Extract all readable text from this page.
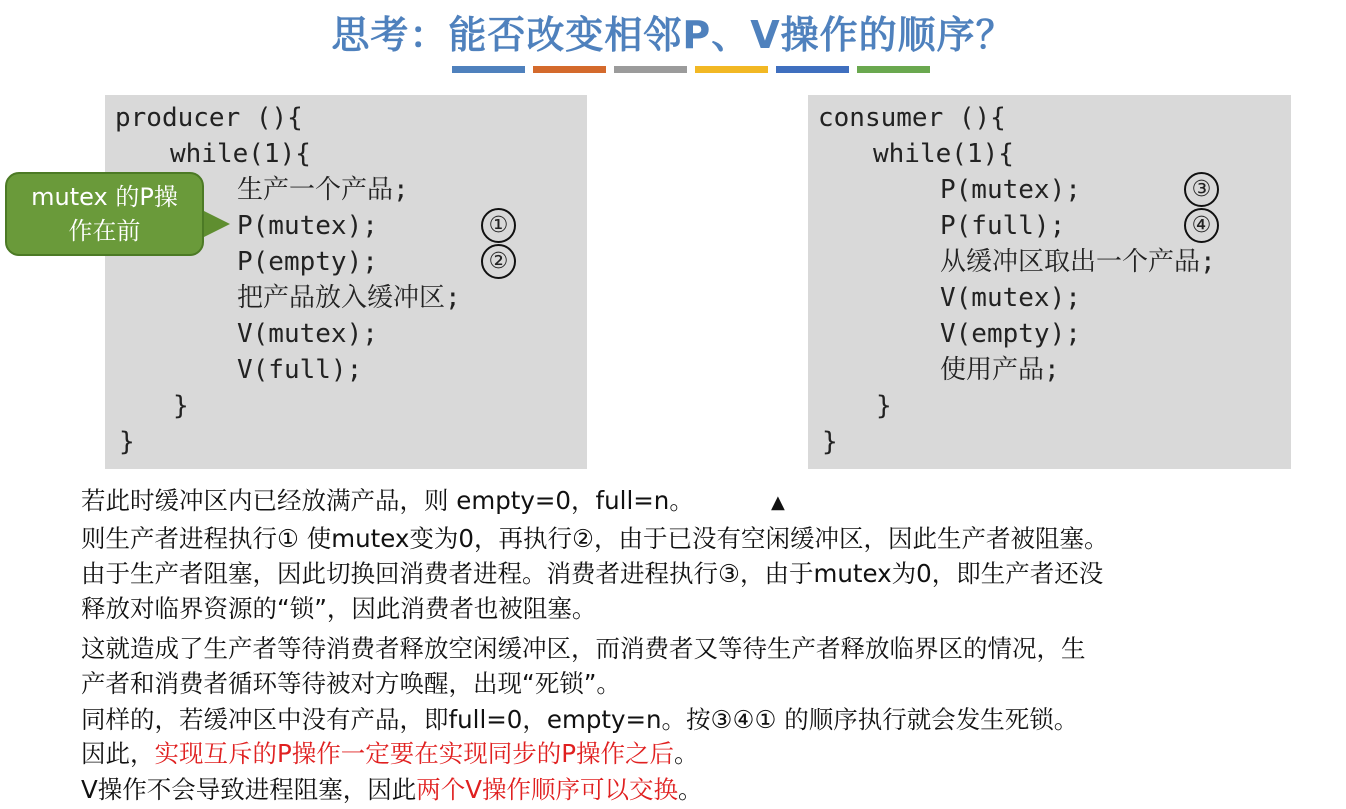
思考：能否改变相邻P、V操作的顺序？
producer (){
while(1){
生产一个产品;
P(mutex);
P(empty);
把产品放入缓冲区;
V(mutex);
V(full);
}
}
①
②
consumer (){
while(1){
P(mutex);
P(full);
从缓冲区取出一个产品;
V(mutex);
V(empty);
使用产品;
}
}
③
④
mutex 的P操
作在前
若此时缓冲区内已经放满产品，则 empty=0，full=n。	▲
则生产者进程执行① 使mutex变为0，再执行②，由于已没有空闲缓冲区，因此生产者被阻塞。
由于生产者阻塞，因此切换回消费者进程。消费者进程执行③，由于mutex为0，即生产者还没
释放对临界资源的“锁”，因此消费者也被阻塞。
这就造成了生产者等待消费者释放空闲缓冲区，而消费者又等待生产者释放临界区的情况，生
产者和消费者循环等待被对方唤醒，出现“死锁”。
同样的，若缓冲区中没有产品，即full=0，empty=n。按③④① 的顺序执行就会发生死锁。
因此，实现互斥的P操作一定要在实现同步的P操作之后。
V操作不会导致进程阻塞，因此两个V操作顺序可以交换。
